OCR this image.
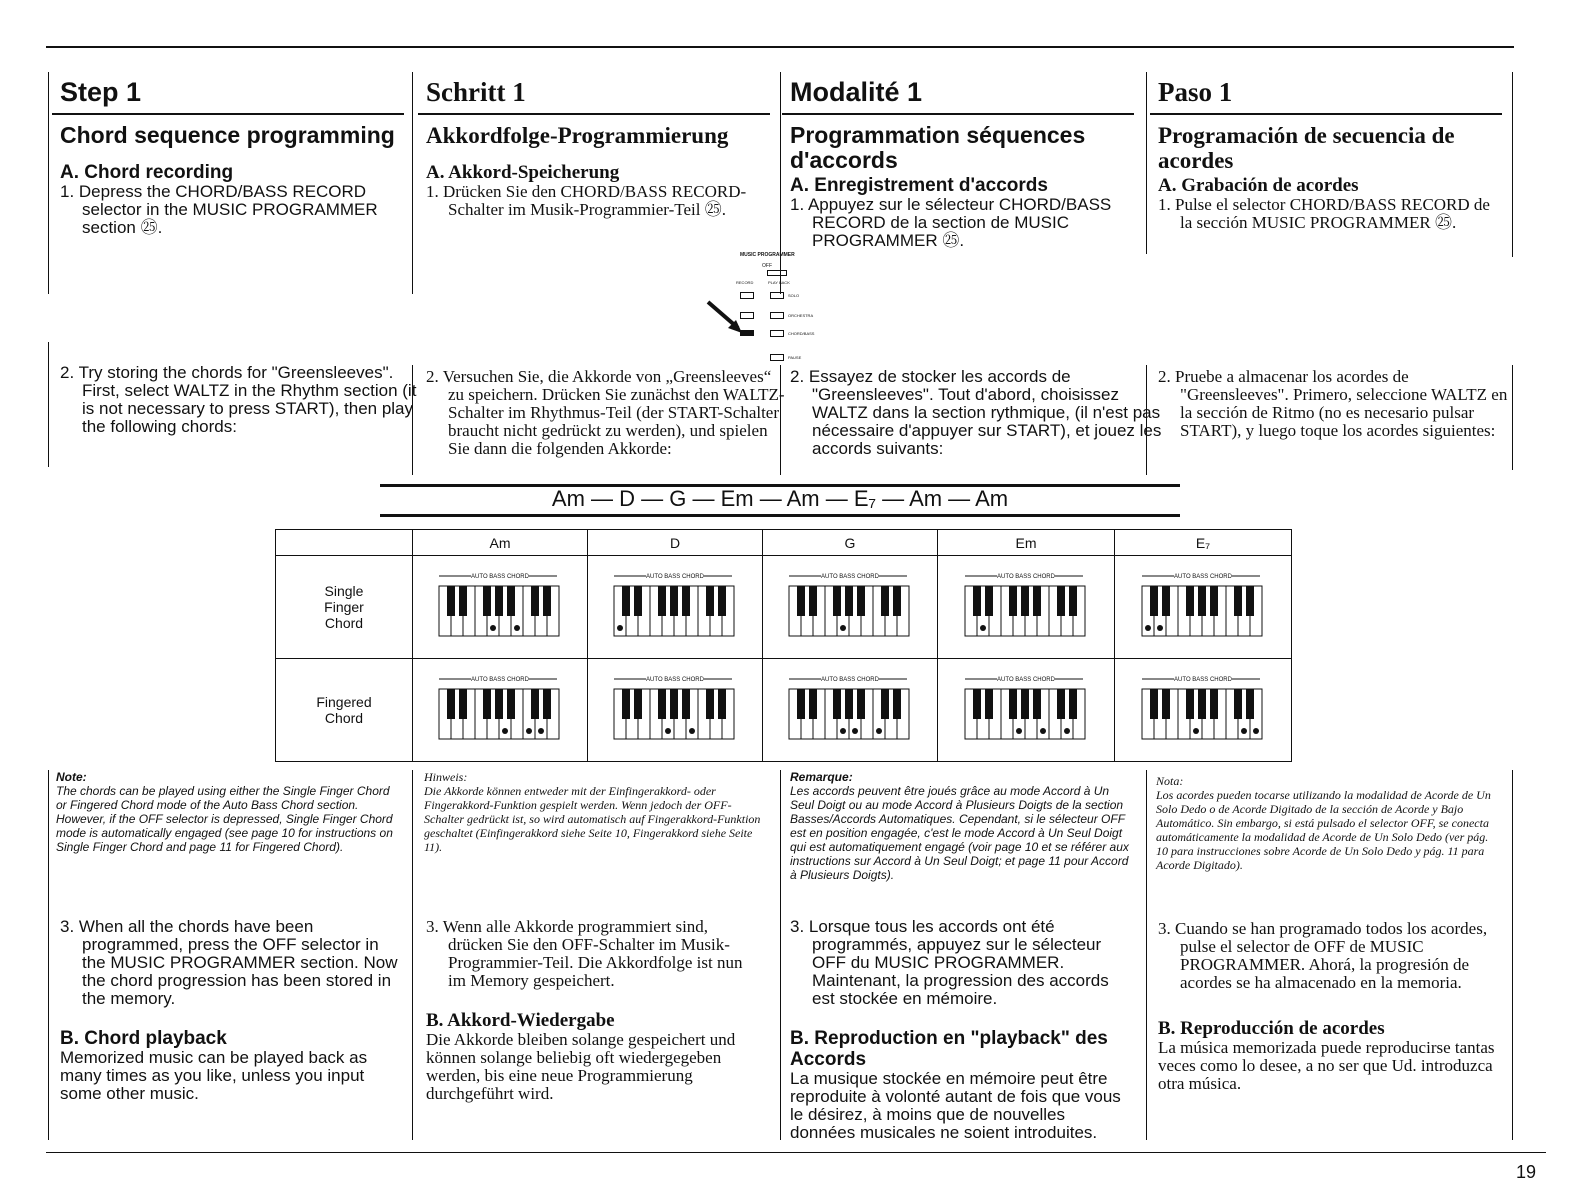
Step 1
Chord sequence programming
A. Chord recording
1. Depress the CHORD/BASS RECORD selector in the MUSIC PROGRAMMER section ㉕.
2. Try storing the chords for "Greensleeves". First, select WALTZ in the Rhythm section (it is not necessary to press START), then play the following chords:
Note:
The chords can be played using either the Single Finger Chord or Fingered Chord mode of the Auto Bass Chord section. However, if the OFF selector is depressed, Single Finger Chord mode is automatically engaged (see page 10 for instructions on Single Finger Chord and page 11 for Fingered Chord).
3. When all the chords have been programmed, press the OFF selector in the MUSIC PROGRAMMER section. Now the chord progression has been stored in the memory.
B. Chord playback
Memorized music can be played back as many times as you like, unless you input some other music.
Schritt 1
Akkordfolge-Programmierung
A. Akkord-Speicherung
1. Drücken Sie den CHORD/BASS RECORD-Schalter im Musik-Programmier-Teil ㉕.
2. Versuchen Sie, die Akkorde von „Greensleeves“ zu speichern. Drücken Sie zunächst den WALTZ-Schalter im Rhythmus-Teil (der START-Schalter braucht nicht gedrückt zu werden), und spielen Sie dann die folgenden Akkorde:
Hinweis:
Die Akkorde können entweder mit der Einfingerakkord- oder Fingerakkord-Funktion gespielt werden. Wenn jedoch der OFF-Schalter gedrückt ist, so wird automatisch auf Fingerakkord-Funktion geschaltet (Einfingerakkord siehe Seite 10, Fingerakkord siehe Seite 11).
3. Wenn alle Akkorde programmiert sind, drücken Sie den OFF-Schalter im Musik-Programmier-Teil. Die Akkordfolge ist nun im Memory gespeichert.
B. Akkord-Wiedergabe
Die Akkorde bleiben solange gespeichert und können solange beliebig oft wiedergegeben werden, bis eine neue Programmierung durchgeführt wird.
Modalité 1
Programmation séquences d'accords
A. Enregistrement d'accords
1. Appuyez sur le sélecteur CHORD/BASS RECORD de la section de MUSIC PROGRAMMER ㉕.
2. Essayez de stocker les accords de "Greensleeves". Tout d'abord, choisissez WALTZ dans la section rythmique, (il n'est pas nécessaire d'appuyer sur START), et jouez les accords suivants:
Remarque:
Les accords peuvent être joués grâce au mode Accord à Un Seul Doigt ou au mode Accord à Plusieurs Doigts de la section Basses/Accords Automatiques. Cependant, si le sélecteur OFF est en position engagée, c'est le mode Accord à Un Seul Doigt qui est automatiquement engagé (voir page 10 et se référer aux instructions sur Accord à Un Seul Doigt; et page 11 pour Accord à Plusieurs Doigts).
3. Lorsque tous les accords ont été programmés, appuyez sur le sélecteur OFF du MUSIC PROGRAMMER. Maintenant, la progression des accords est stockée en mémoire.
B. Reproduction en "playback" des Accords
La musique stockée en mémoire peut être reproduite à volonté autant de fois que vous le désirez, à moins que de nouvelles données musicales ne soient introduites.
Paso 1
Programación de secuencia de acordes
A. Grabación de acordes
1. Pulse el selector CHORD/BASS RECORD de la sección MUSIC PROGRAMMER ㉕.
2. Pruebe a almacenar los acordes de "Greensleeves". Primero, seleccione WALTZ en la sección de Ritmo (no es necesario pulsar START), y luego toque los acordes siguientes:
Nota:
Los acordes pueden tocarse utilizando la modalidad de Acorde de Un Solo Dedo o de Acorde Digitado de la sección de Acorde y Bajo Automático. Sin embargo, si está pulsado el selector OFF, se conecta automáticamente la modalidad de Acorde de Un Solo Dedo (ver pág. 10 para instrucciones sobre Acorde de Un Solo Dedo y pág. 11 para Acorde Digitado).
3. Cuando se han programado todos los acordes, pulse el selector de OFF de MUSIC PROGRAMMER. Ahorá, la progresión de acordes se ha almacenado en la memoria.
B. Reproducción de acordes
La música memorizada puede reproducirse tantas veces como lo desee, a no ser que Ud. introduzca otra música.
MUSIC PROGRAMMER
OFF
RECORD	PLAY BACK
SOLO
ORCHESTRA
CHORD/BASS
PAUSE
Am — D — G — Em — Am — E₇ — Am — Am
	Am	D	G	Em	E₇

Single Finger Chord	AUTO BASS CHORD	AUTO BASS CHORD	AUTO BASS CHORD	AUTO BASS CHORD	AUTO BASS CHORD

Fingered Chord	AUTO BASS CHORD	AUTO BASS CHORD	AUTO BASS CHORD	AUTO BASS CHORD	AUTO BASS CHORD
19
